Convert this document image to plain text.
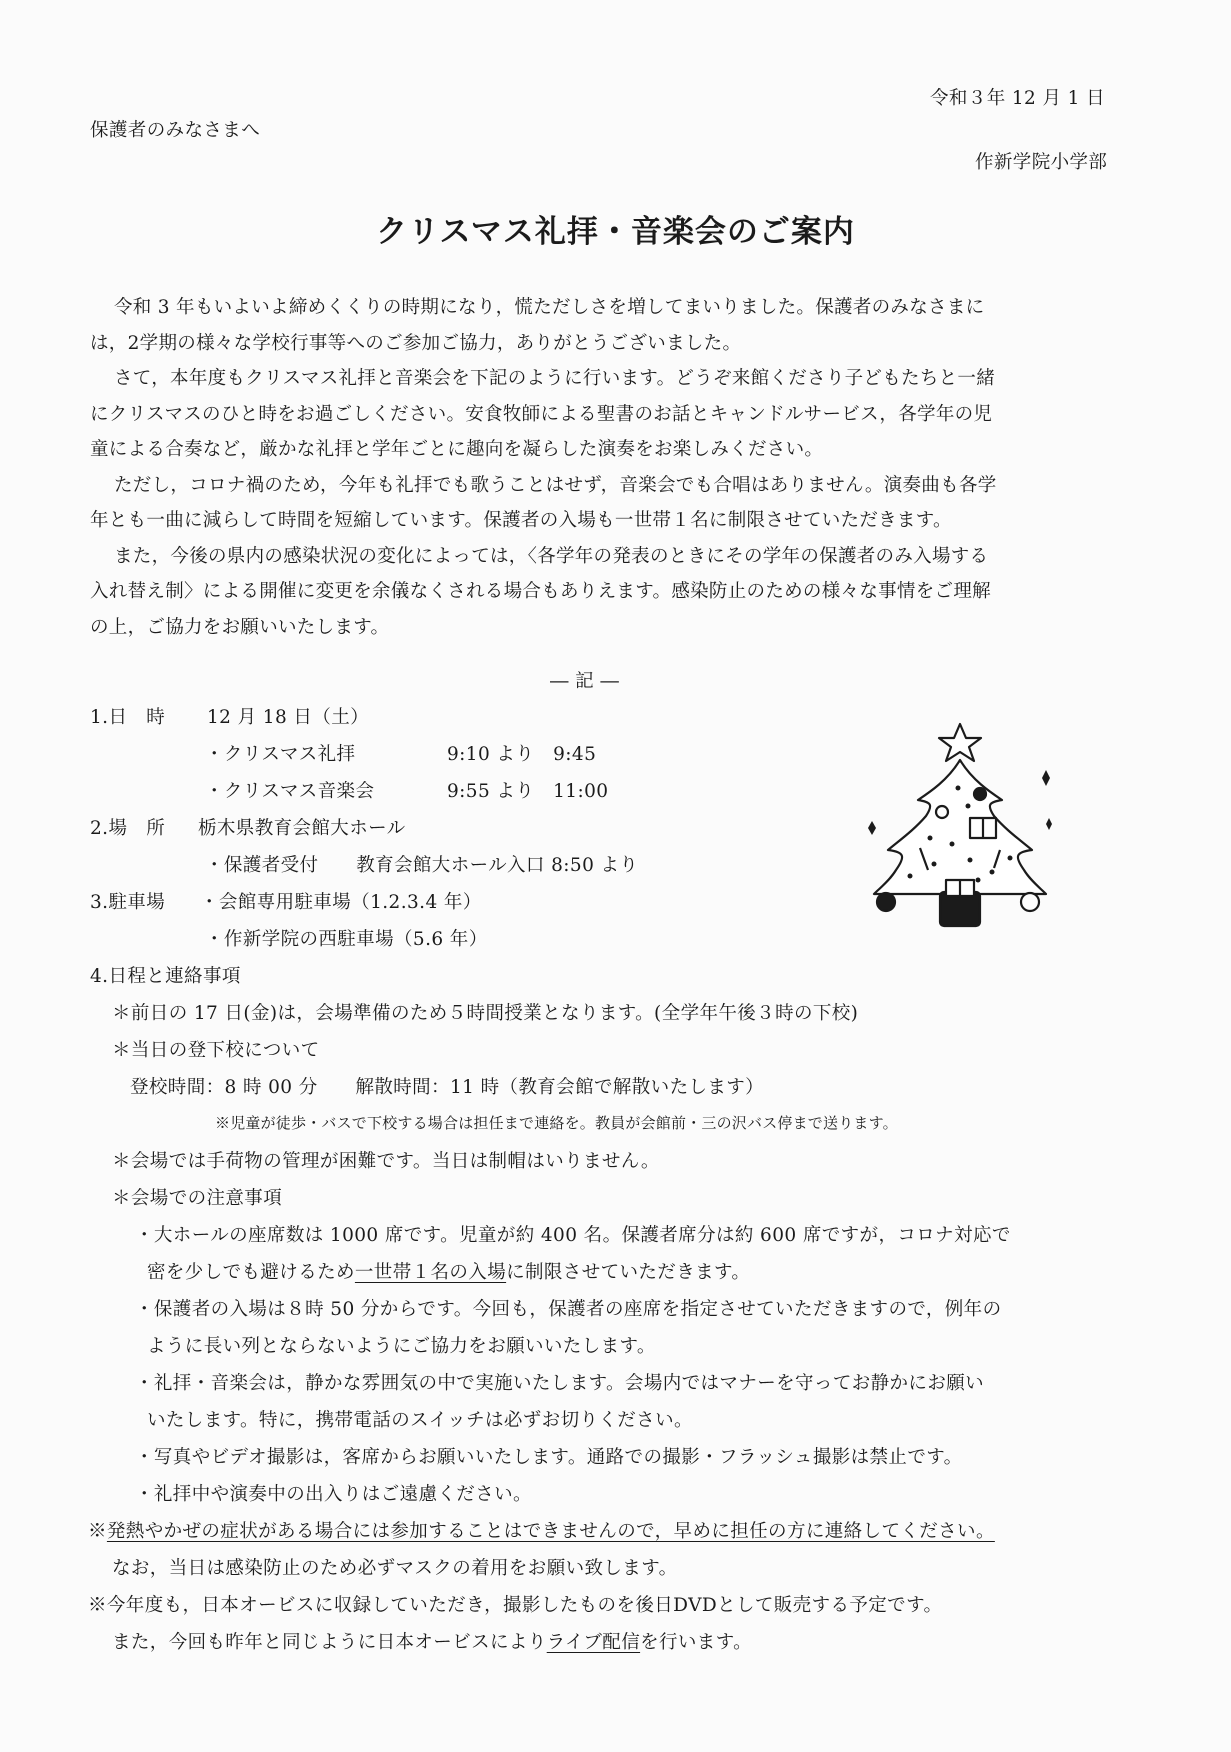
令和３年 12 月 1 日
保護者のみなさまへ
作新学院小学部
クリスマス礼拝・音楽会のご案内

令和 3 年もいよいよ締めくくりの時期になり，慌ただしさを増してまいりました。保護者のみなさまに

は，2学期の様々な学校行事等へのご参加ご協力，ありがとうございました。

さて，本年度もクリスマス礼拝と音楽会を下記のように行います。どうぞ来館くださり子どもたちと一緒

にクリスマスのひと時をお過ごしください。安食牧師による聖書のお話とキャンドルサービス，各学年の児

童による合奏など，厳かな礼拝と学年ごとに趣向を凝らした演奏をお楽しみください。

ただし，コロナ禍のため，今年も礼拝でも歌うことはせず，音楽会でも合唱はありません。演奏曲も各学

年とも一曲に減らして時間を短縮しています。保護者の入場も一世帯１名に制限させていただきます。

また，今後の県内の感染状況の変化によっては，〈各学年の発表のときにその学年の保護者のみ入場する

入れ替え制〉による開催に変更を余儀なくされる場合もありえます。感染防止のための様々な事情をご理解

の上，ご協力をお願いいたします。

― 記 ―
1.日　時 12 月 18 日（土）
・クリスマス礼拝	9:10 より　9:45
・クリスマス音楽会	9:55 より　11:00
2.場　所 栃木県教育会館大ホール
・保護者受付　　教育会館大ホール入口 8:50 より
3.駐車場 ・会館専用駐車場（1.2.3.4 年）
・作新学院の西駐車場（5.6 年）
4.日程と連絡事項
＊前日の 17 日(金)は，会場準備のため５時間授業となります。(全学年午後３時の下校)
＊当日の登下校について
登校時間：8 時 00 分　　解散時間：11 時（教育会館で解散いたします）
※児童が徒歩・バスで下校する場合は担任まで連絡を。教員が会館前・三の沢バス停まで送ります。
＊会場では手荷物の管理が困難です。当日は制帽はいりません。
＊会場での注意事項
・大ホールの座席数は 1000 席です。児童が約 400 名。保護者席分は約 600 席ですが，コロナ対応で
密を少しでも避けるため一世帯１名の入場に制限させていただきます。
・保護者の入場は８時 50 分からです。今回も，保護者の座席を指定させていただきますので，例年の
ように長い列とならないようにご協力をお願いいたします。
・礼拝・音楽会は，静かな雰囲気の中で実施いたします。会場内ではマナーを守ってお静かにお願い
いたします。特に，携帯電話のスイッチは必ずお切りください。
・写真やビデオ撮影は，客席からお願いいたします。通路での撮影・フラッシュ撮影は禁止です。
・礼拝中や演奏中の出入りはご遠慮ください。
※発熱やかぜの症状がある場合には参加することはできませんので，早めに担任の方に連絡してください。
なお，当日は感染防止のため必ずマスクの着用をお願い致します。
※今年度も，日本オービスに収録していただき，撮影したものを後日DVDとして販売する予定です。
また，今回も昨年と同じように日本オービスによりライブ配信を行います。
